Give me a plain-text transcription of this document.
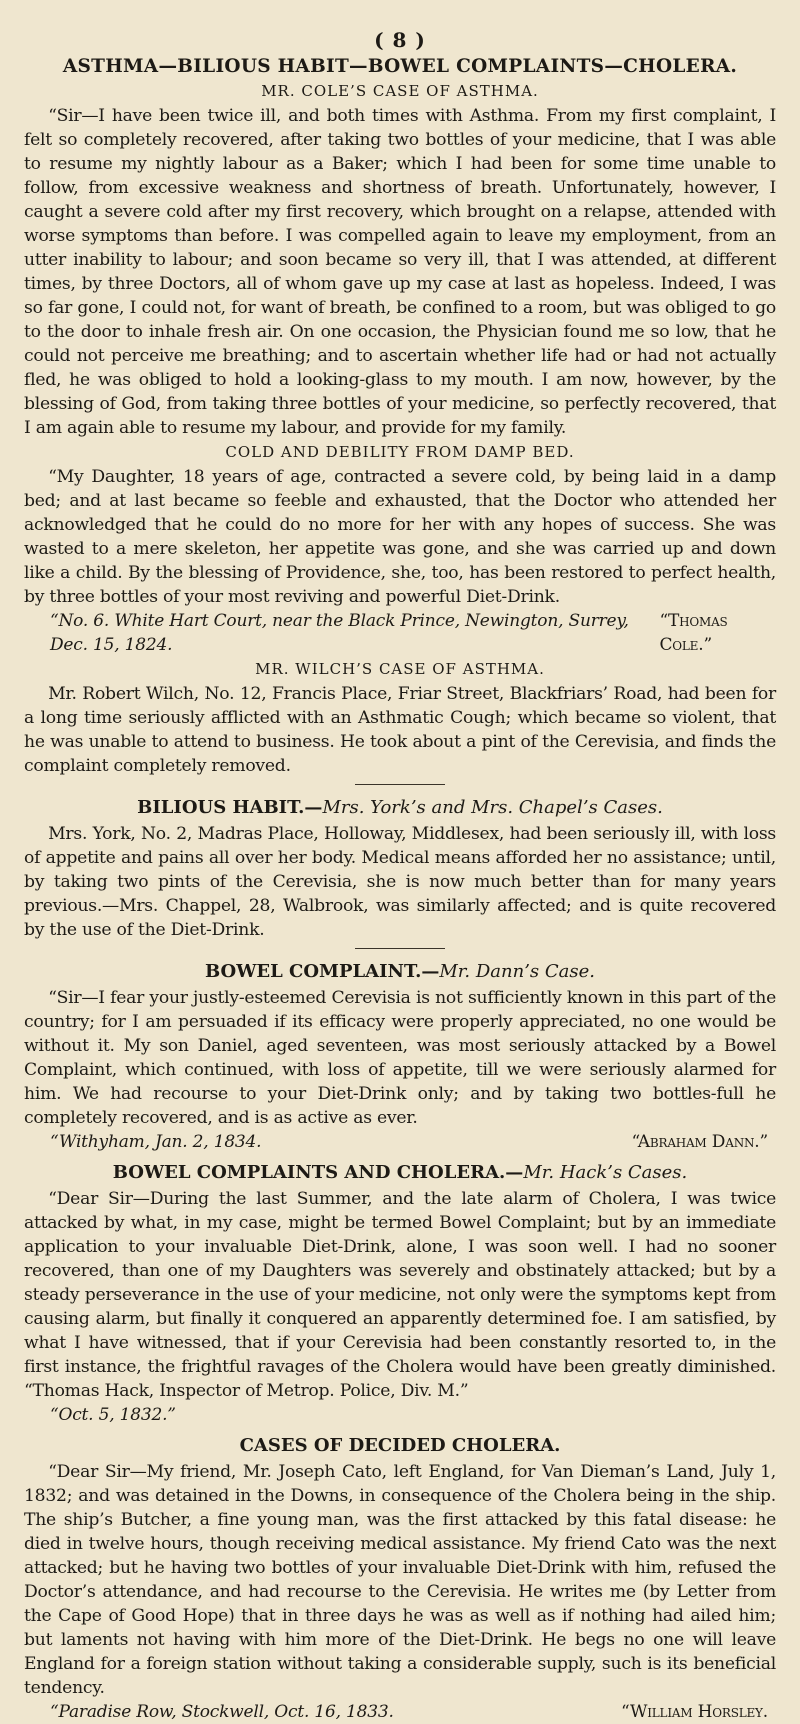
( 8 )
ASTHMA—BILIOUS HABIT—BOWEL COMPLAINTS—CHOLERA.
MR. COLE’S CASE OF ASTHMA.

“Sir—I have been twice ill, and both times with Asthma. From my first complaint, I felt so completely recovered, after taking two bottles of your medicine, that I was able to resume my nightly labour as a Baker; which I had been for some time unable to follow, from excessive weakness and shortness of breath. Unfortunately, however, I caught a severe cold after my first recovery, which brought on a relapse, attended with worse symptoms than before. I was compelled again to leave my employment, from an utter inability to labour; and soon became so very ill, that I was attended, at different times, by three Doctors, all of whom gave up my case at last as hopeless. Indeed, I was so far gone, I could not, for want of breath, be confined to a room, but was obliged to go to the door to inhale fresh air. On one occasion, the Physician found me so low, that he could not perceive me breathing; and to ascertain whether life had or had not actually fled, he was obliged to hold a looking-glass to my mouth. I am now, however, by the blessing of God, from taking three bottles of your medicine, so perfectly recovered, that I am again able to resume my labour, and provide for my family.

COLD AND DEBILITY FROM DAMP BED.

“My Daughter, 18 years of age, contracted a severe cold, by being laid in a damp bed; and at last became so feeble and exhausted, that the Doctor who attended her acknowledged that he could do no more for her with any hopes of success. She was wasted to a mere skeleton, her appetite was gone, and she was carried up and down like a child. By the blessing of Providence, she, too, has been restored to perfect health, by three bottles of your most reviving and powerful Diet-Drink.

“No. 6. White Hart Court, near the Black Prince, Newington, Surrey, Dec. 15, 1824.
“Thomas Cole.”
MR. WILCH’S CASE OF ASTHMA.

Mr. Robert Wilch, No. 12, Francis Place, Friar Street, Blackfriars’ Road, had been for a long time seriously afflicted with an Asthmatic Cough; which became so violent, that he was unable to attend to business. He took about a pint of the Cerevisia, and finds the complaint completely removed.

BILIOUS HABIT.—Mrs. York’s and Mrs. Chapel’s Cases.

Mrs. York, No. 2, Madras Place, Holloway, Middlesex, had been seriously ill, with loss of appetite and pains all over her body. Medical means afforded her no assistance; until, by taking two pints of the Cerevisia, she is now much better than for many years previous.—Mrs. Chappel, 28, Walbrook, was similarly affected; and is quite recovered by the use of the Diet-Drink.

BOWEL COMPLAINT.—Mr. Dann’s Case.

“Sir—I fear your justly-esteemed Cerevisia is not sufficiently known in this part of the country; for I am persuaded if its efficacy were properly appreciated, no one would be without it. My son Daniel, aged seventeen, was most seriously attacked by a Bowel Complaint, which continued, with loss of appetite, till we were seriously alarmed for him. We had recourse to your Diet-Drink only; and by taking two bottles-full he completely recovered, and is as active as ever.

“Withyham, Jan. 2, 1834.	“Abraham Dann.”
BOWEL COMPLAINTS AND CHOLERA.—Mr. Hack’s Cases.

“Dear Sir—During the last Summer, and the late alarm of Cholera, I was twice attacked by what, in my case, might be termed Bowel Complaint; but by an immediate application to your invaluable Diet-Drink, alone, I was soon well. I had no sooner recovered, than one of my Daughters was severely and obstinately attacked; but by a steady perseverance in the use of your medicine, not only were the symptoms kept from causing alarm, but finally it conquered an apparently determined foe. I am satisfied, by what I have witnessed, that if your Cerevisia had been constantly resorted to, in the first instance, the frightful ravages of the Cholera would have been greatly diminished. “Thomas Hack, Inspector of Metrop. Police, Div. M.”

“Oct. 5, 1832.”
CASES OF DECIDED CHOLERA.

“Dear Sir—My friend, Mr. Joseph Cato, left England, for Van Dieman’s Land, July 1, 1832; and was detained in the Downs, in consequence of the Cholera being in the ship. The ship’s Butcher, a fine young man, was the first attacked by this fatal disease: he died in twelve hours, though receiving medical assistance. My friend Cato was the next attacked; but he having two bottles of your invaluable Diet-Drink with him, refused the Doctor’s attendance, and had recourse to the Cerevisia. He writes me (by Letter from the Cape of Good Hope) that in three days he was as well as if nothing had ailed him; but laments not having with him more of the Diet-Drink. He begs no one will leave England for a foreign station without taking a considerable supply, such is its beneficial tendency.

“Paradise Row, Stockwell, Oct. 16, 1833.	“William Horsley.
